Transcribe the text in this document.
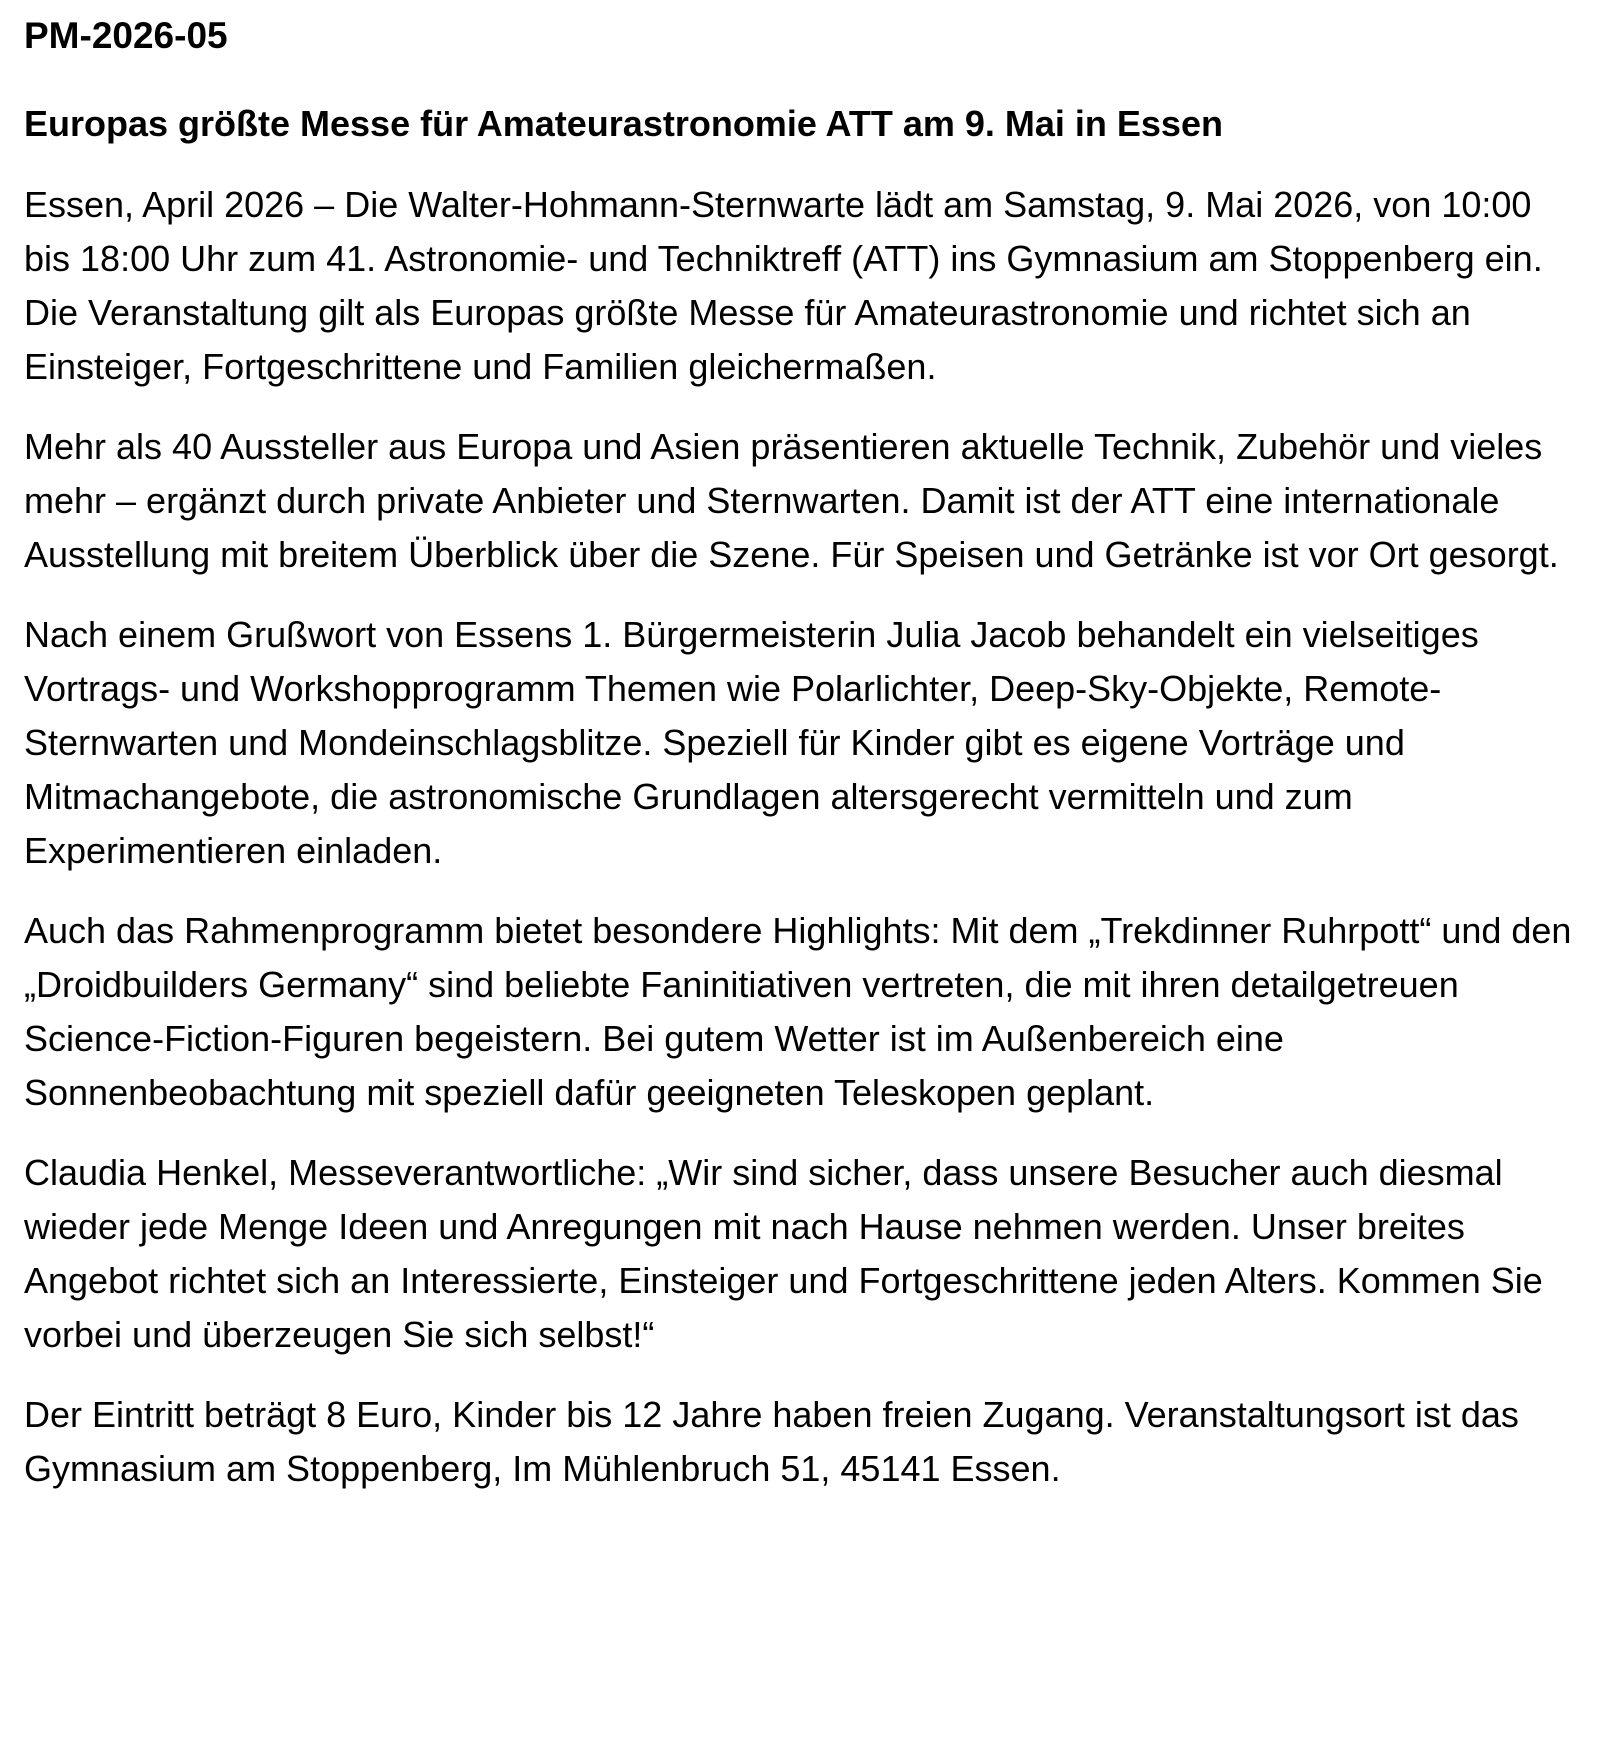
PM-2026-05
Europas größte Messe für Amateurastronomie ATT am 9. Mai in Essen

Essen, April 2026 – Die Walter-Hohmann-Sternwarte lädt am Samstag, 9. Mai 2026, von 10:00 bis 18:00 Uhr zum 41. Astronomie- und Techniktreff (ATT) ins Gymnasium am Stoppenberg ein. Die Veranstaltung gilt als Europas größte Messe für Amateurastronomie und richtet sich an Einsteiger, Fortgeschrittene und Familien gleichermaßen.

Mehr als 40 Aussteller aus Europa und Asien präsentieren aktuelle Technik, Zubehör und vieles mehr – ergänzt durch private Anbieter und Sternwarten. Damit ist der ATT eine internationale Ausstellung mit breitem Überblick über die Szene. Für Speisen und Getränke ist vor Ort gesorgt.

Nach einem Grußwort von Essens 1. Bürgermeisterin Julia Jacob behandelt ein vielseitiges Vortrags- und Workshopprogramm Themen wie Polarlichter, Deep-Sky-Objekte, Remote-Sternwarten und Mondeinschlagsblitze. Speziell für Kinder gibt es eigene Vorträge und Mitmachangebote, die astronomische Grundlagen altersgerecht vermitteln und zum Experimentieren einladen.

Auch das Rahmenprogramm bietet besondere Highlights: Mit dem „Trekdinner Ruhrpott“ und den „Droidbuilders Germany“ sind beliebte Faninitiativen vertreten, die mit ihren detailgetreuen Science-Fiction-Figuren begeistern. Bei gutem Wetter ist im Außenbereich eine Sonnenbeobachtung mit speziell dafür geeigneten Teleskopen geplant.

Claudia Henkel, Messeverantwortliche: „Wir sind sicher, dass unsere Besucher auch diesmal wieder jede Menge Ideen und Anregungen mit nach Hause nehmen werden. Unser breites Angebot richtet sich an Interessierte, Einsteiger und Fortgeschrittene jeden Alters. Kommen Sie vorbei und überzeugen Sie sich selbst!“

Der Eintritt beträgt 8 Euro, Kinder bis 12 Jahre haben freien Zugang. Veranstaltungsort ist das Gymnasium am Stoppenberg, Im Mühlenbruch 51, 45141 Essen.
